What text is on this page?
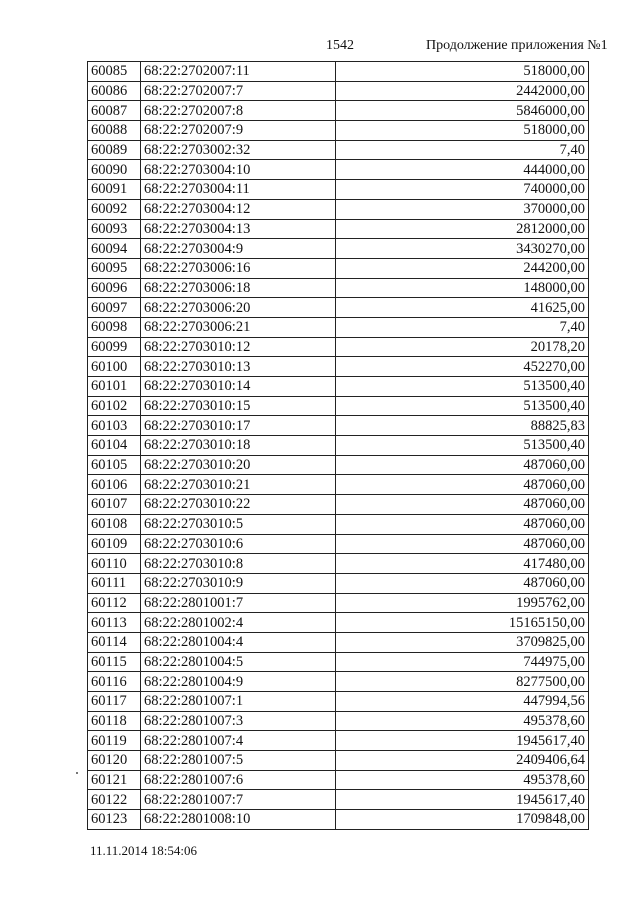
1542	Продолжение приложения №1
60085	68:22:2702007:11	518000,00
60086	68:22:2702007:7	2442000,00
60087	68:22:2702007:8	5846000,00
60088	68:22:2702007:9	518000,00
60089	68:22:2703002:32	7,40
60090	68:22:2703004:10	444000,00
60091	68:22:2703004:11	740000,00
60092	68:22:2703004:12	370000,00
60093	68:22:2703004:13	2812000,00
60094	68:22:2703004:9	3430270,00
60095	68:22:2703006:16	244200,00
60096	68:22:2703006:18	148000,00
60097	68:22:2703006:20	41625,00
60098	68:22:2703006:21	7,40
60099	68:22:2703010:12	20178,20
60100	68:22:2703010:13	452270,00
60101	68:22:2703010:14	513500,40
60102	68:22:2703010:15	513500,40
60103	68:22:2703010:17	88825,83
60104	68:22:2703010:18	513500,40
60105	68:22:2703010:20	487060,00
60106	68:22:2703010:21	487060,00
60107	68:22:2703010:22	487060,00
60108	68:22:2703010:5	487060,00
60109	68:22:2703010:6	487060,00
60110	68:22:2703010:8	417480,00
60111	68:22:2703010:9	487060,00
60112	68:22:2801001:7	1995762,00
60113	68:22:2801002:4	15165150,00
60114	68:22:2801004:4	3709825,00
60115	68:22:2801004:5	744975,00
60116	68:22:2801004:9	8277500,00
60117	68:22:2801007:1	447994,56
60118	68:22:2801007:3	495378,60
60119	68:22:2801007:4	1945617,40
60120	68:22:2801007:5	2409406,64
60121	68:22:2801007:6	495378,60
60122	68:22:2801007:7	1945617,40
60123	68:22:2801008:10	1709848,00
11.11.2014 18:54:06
